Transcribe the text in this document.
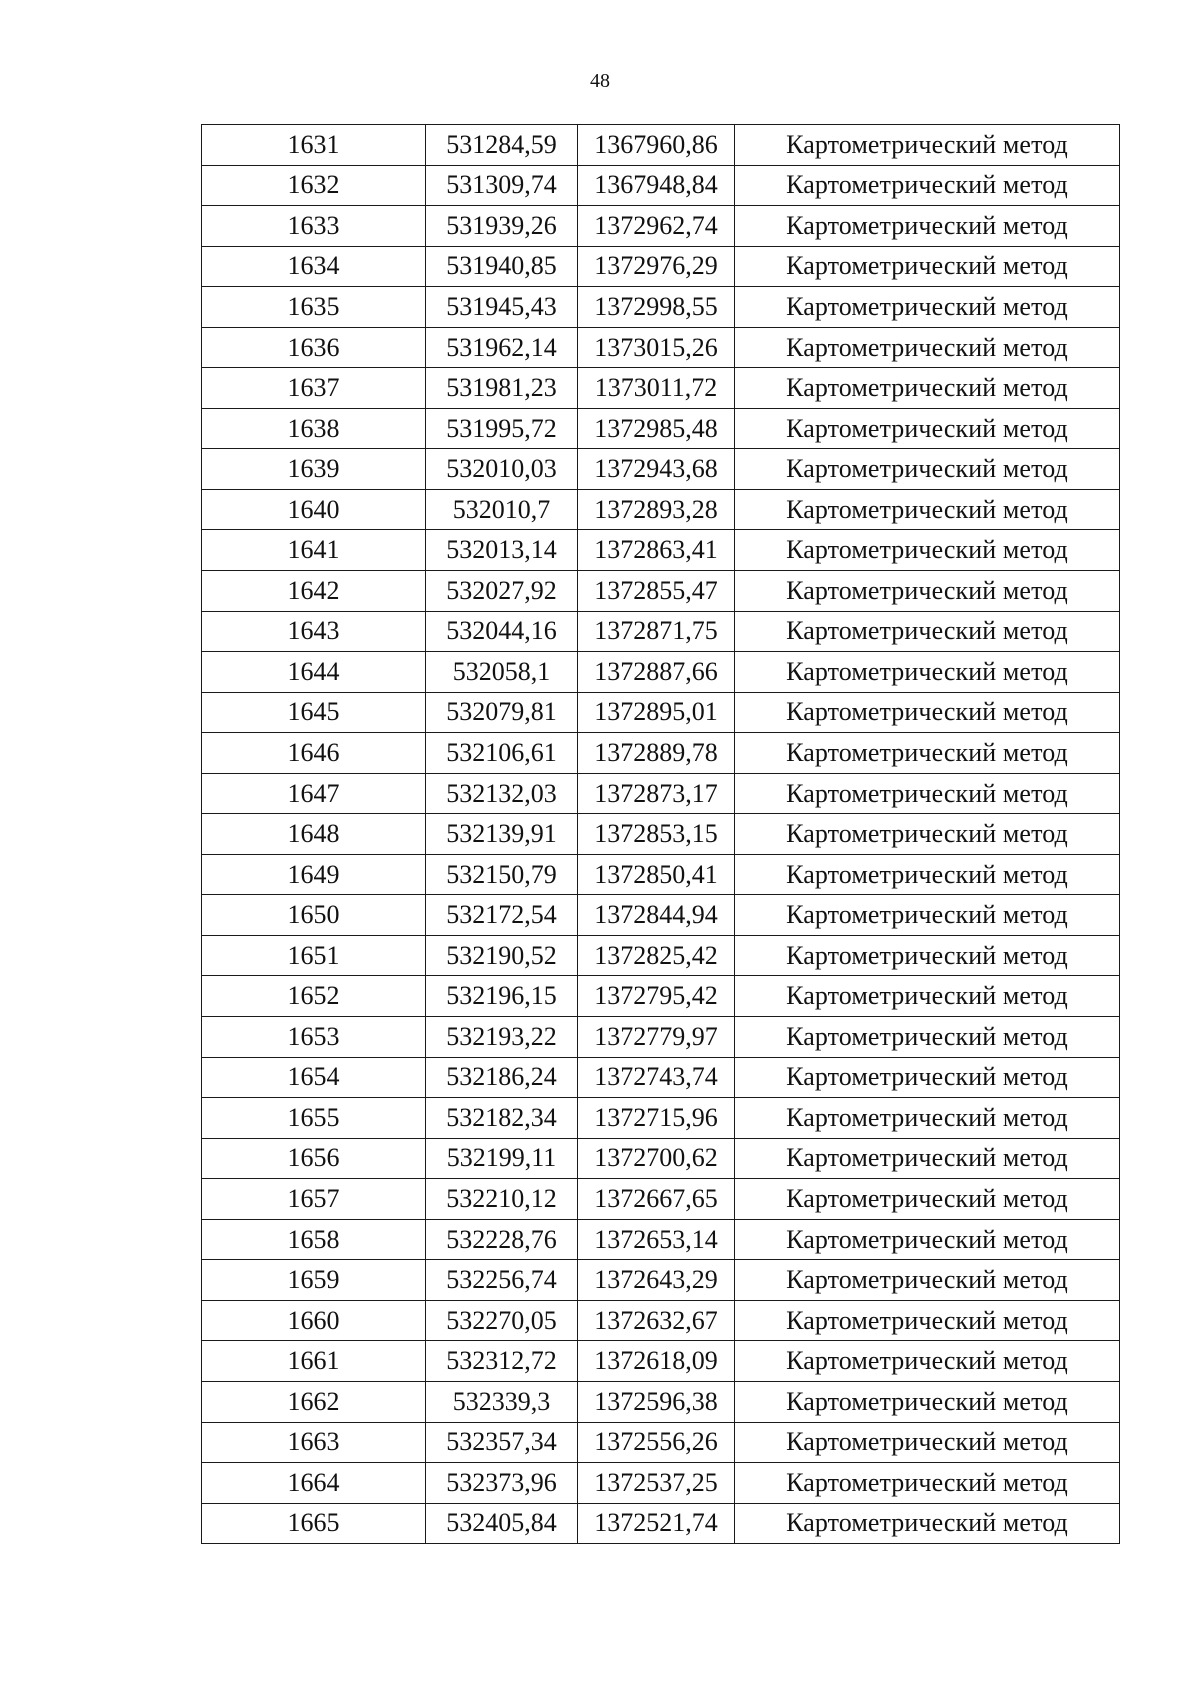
48
1631	531284,59	1367960,86	Картометрический метод
1632	531309,74	1367948,84	Картометрический метод
1633	531939,26	1372962,74	Картометрический метод
1634	531940,85	1372976,29	Картометрический метод
1635	531945,43	1372998,55	Картометрический метод
1636	531962,14	1373015,26	Картометрический метод
1637	531981,23	1373011,72	Картометрический метод
1638	531995,72	1372985,48	Картометрический метод
1639	532010,03	1372943,68	Картометрический метод
1640	532010,7	1372893,28	Картометрический метод
1641	532013,14	1372863,41	Картометрический метод
1642	532027,92	1372855,47	Картометрический метод
1643	532044,16	1372871,75	Картометрический метод
1644	532058,1	1372887,66	Картометрический метод
1645	532079,81	1372895,01	Картометрический метод
1646	532106,61	1372889,78	Картометрический метод
1647	532132,03	1372873,17	Картометрический метод
1648	532139,91	1372853,15	Картометрический метод
1649	532150,79	1372850,41	Картометрический метод
1650	532172,54	1372844,94	Картометрический метод
1651	532190,52	1372825,42	Картометрический метод
1652	532196,15	1372795,42	Картометрический метод
1653	532193,22	1372779,97	Картометрический метод
1654	532186,24	1372743,74	Картометрический метод
1655	532182,34	1372715,96	Картометрический метод
1656	532199,11	1372700,62	Картометрический метод
1657	532210,12	1372667,65	Картометрический метод
1658	532228,76	1372653,14	Картометрический метод
1659	532256,74	1372643,29	Картометрический метод
1660	532270,05	1372632,67	Картометрический метод
1661	532312,72	1372618,09	Картометрический метод
1662	532339,3	1372596,38	Картометрический метод
1663	532357,34	1372556,26	Картометрический метод
1664	532373,96	1372537,25	Картометрический метод
1665	532405,84	1372521,74	Картометрический метод
